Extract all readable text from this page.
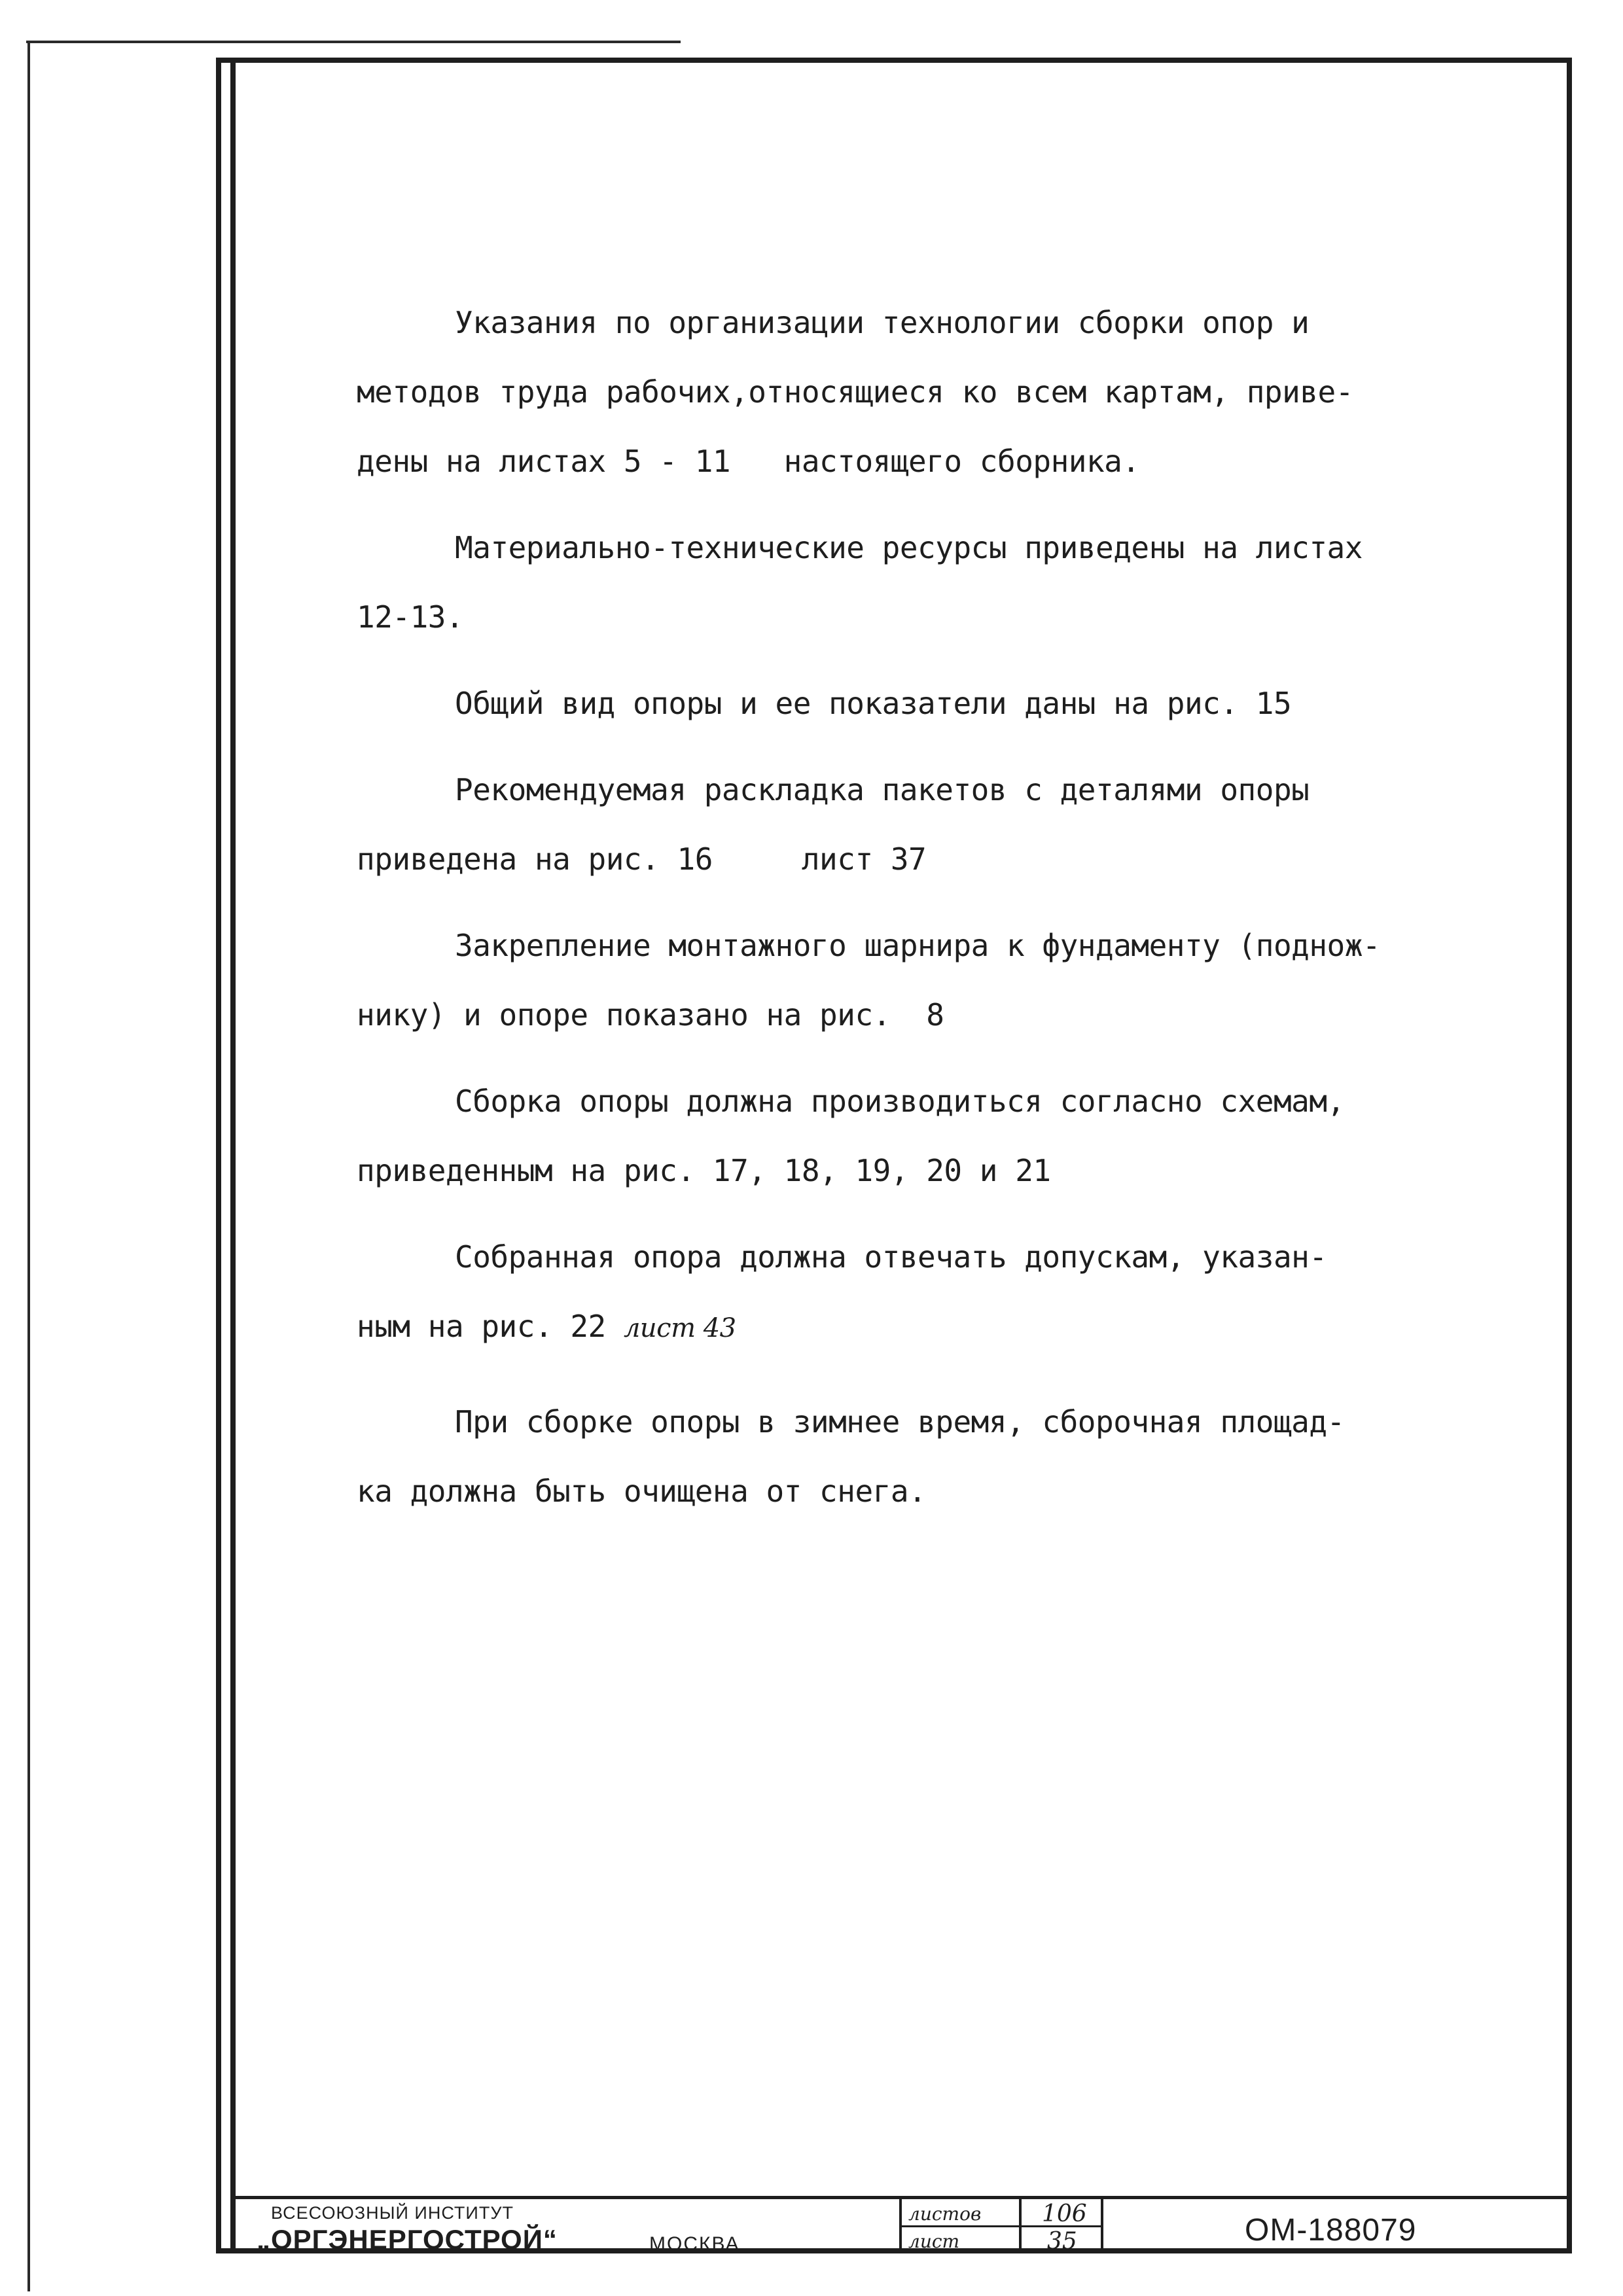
Указания по организации технологии сборки опор и
методов труда рабочих,относящиеся ко всем картам, приве-
дены на листах 5 - 11   настоящего сборника.
Материально-технические ресурсы приведены на листах
12-13.
Общий вид опоры и ее показатели даны на рис. 15
Рекомендуемая раскладка пакетов с деталями опоры
приведена на рис. 16     лист 37
Закрепление монтажного шарнира к фундаменту (поднож-
нику) и опоре показано на рис.  8
Сборка опоры должна производиться согласно схемам,
приведенным на рис. 17, 18, 19, 20 и 21
Собранная опора должна отвечать допускам, указан-
ным на рис. 22 лист 43
При сборке опоры в зимнее время, сборочная площад-
ка должна быть очищена от снега.
ВСЕСОЮЗНЫЙ ИНСТИТУТ
„ОРГЭНЕРГОСТРОЙ“	МОСКВА
листов	106
лист	35	ОМ-188079
